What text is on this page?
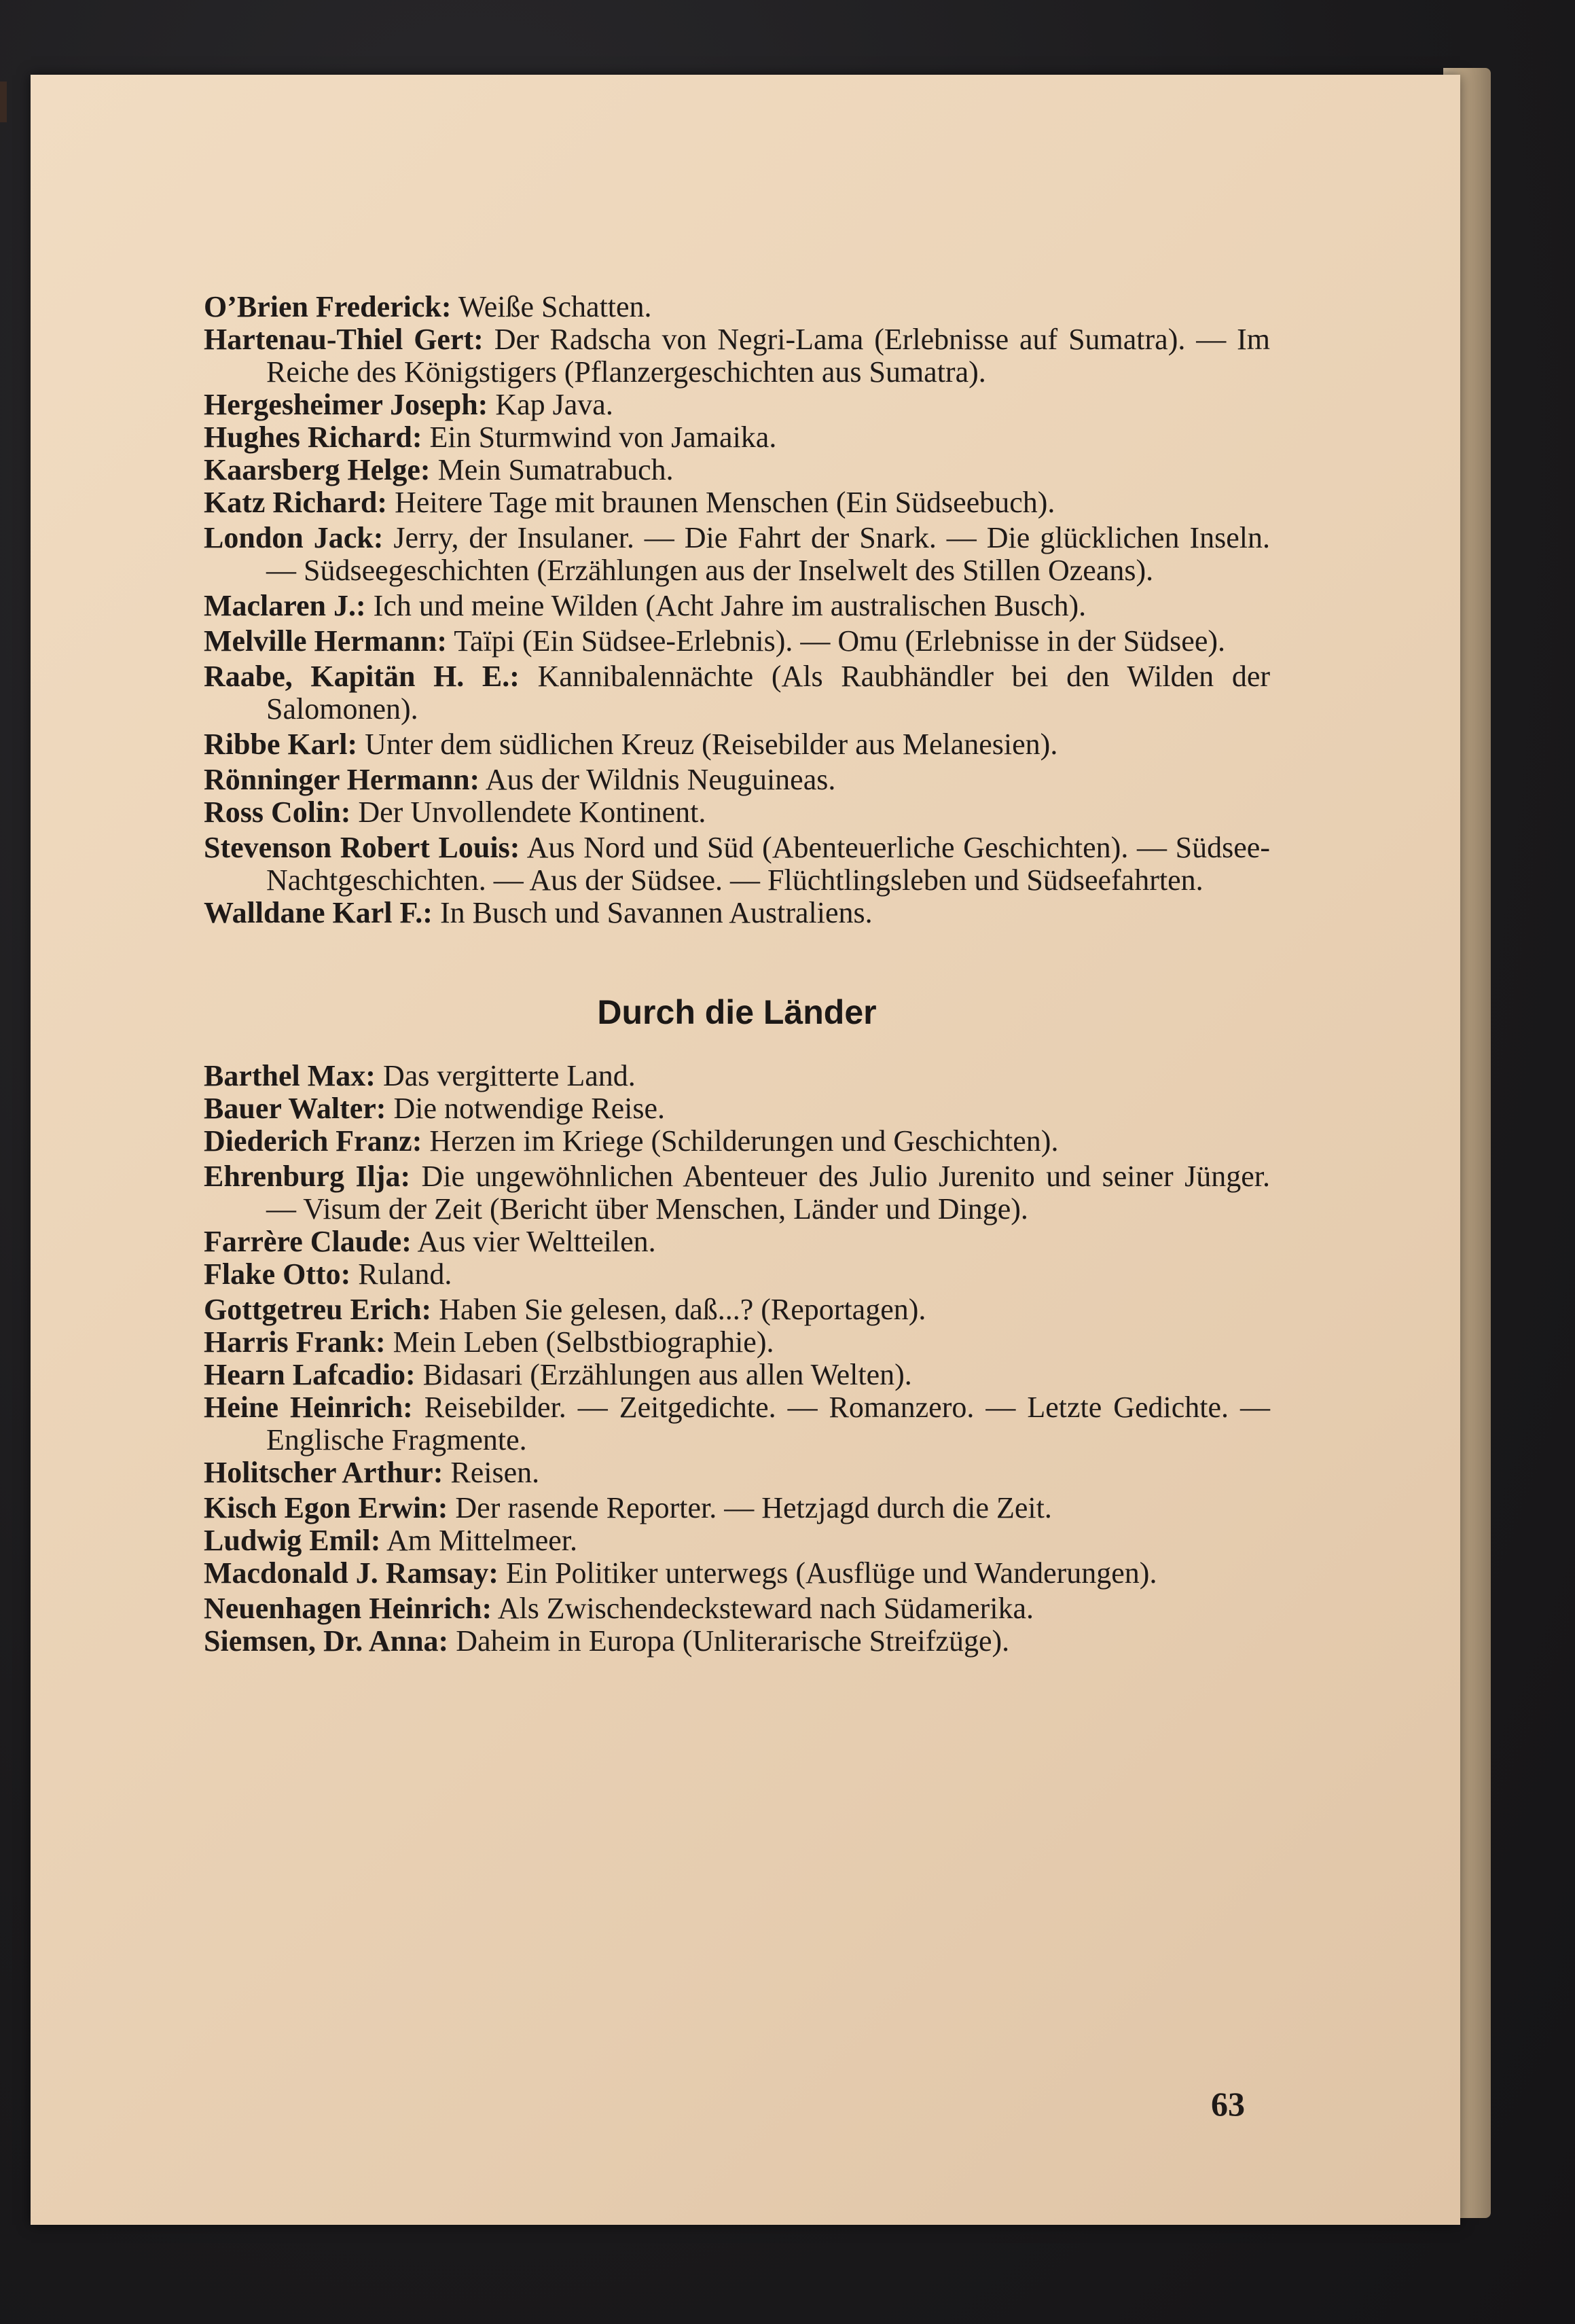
O’Brien Frederick: Weiße Schatten.

Hartenau-Thiel Gert: Der Radscha von Negri-Lama (Erlebnisse auf Sumatra). — Im Reiche des Königstigers (Pflanzergeschichten aus Sumatra).

Hergesheimer Joseph: Kap Java.

Hughes Richard: Ein Sturmwind von Jamaika.

Kaarsberg Helge: Mein Sumatrabuch.

Katz Richard: Heitere Tage mit braunen Menschen (Ein Südseebuch).

London Jack: Jerry, der Insulaner. — Die Fahrt der Snark. — Die glücklichen Inseln. — Südseegeschichten (Erzählungen aus der Inselwelt des Stillen Ozeans).

Maclaren J.: Ich und meine Wilden (Acht Jahre im australischen Busch).

Melville Hermann: Taïpi (Ein Südsee-Erlebnis). — Omu (Erlebnisse in der Südsee).

Raabe, Kapitän H. E.: Kannibalennächte (Als Raubhändler bei den Wilden der Salomonen).

Ribbe Karl: Unter dem südlichen Kreuz (Reisebilder aus Melanesien).

Rönninger Hermann: Aus der Wildnis Neuguineas.

Ross Colin: Der Unvollendete Kontinent.

Stevenson Robert Louis: Aus Nord und Süd (Abenteuerliche Geschichten). — Südsee-Nachtgeschichten. — Aus der Südsee. — Flüchtlingsleben und Südseefahrten.

Walldane Karl F.: In Busch und Savannen Australiens.

Durch die Länder

Barthel Max: Das vergitterte Land.

Bauer Walter: Die notwendige Reise.

Diederich Franz: Herzen im Kriege (Schilderungen und Geschichten).

Ehrenburg Ilja: Die ungewöhnlichen Abenteuer des Julio Jurenito und seiner Jünger. — Visum der Zeit (Bericht über Menschen, Länder und Dinge).

Farrère Claude: Aus vier Weltteilen.

Flake Otto: Ruland.

Gottgetreu Erich: Haben Sie gelesen, daß...? (Reportagen).

Harris Frank: Mein Leben (Selbstbiographie).

Hearn Lafcadio: Bidasari (Erzählungen aus allen Welten).

Heine Heinrich: Reisebilder. — Zeitgedichte. — Romanzero. — Letzte Gedichte. — Englische Fragmente.

Holitscher Arthur: Reisen.

Kisch Egon Erwin: Der rasende Reporter. — Hetzjagd durch die Zeit.

Ludwig Emil: Am Mittelmeer.

Macdonald J. Ramsay: Ein Politiker unterwegs (Ausflüge und Wanderungen).

Neuenhagen Heinrich: Als Zwischendecksteward nach Südamerika.

Siemsen, Dr. Anna: Daheim in Europa (Unliterarische Streifzüge).

63
